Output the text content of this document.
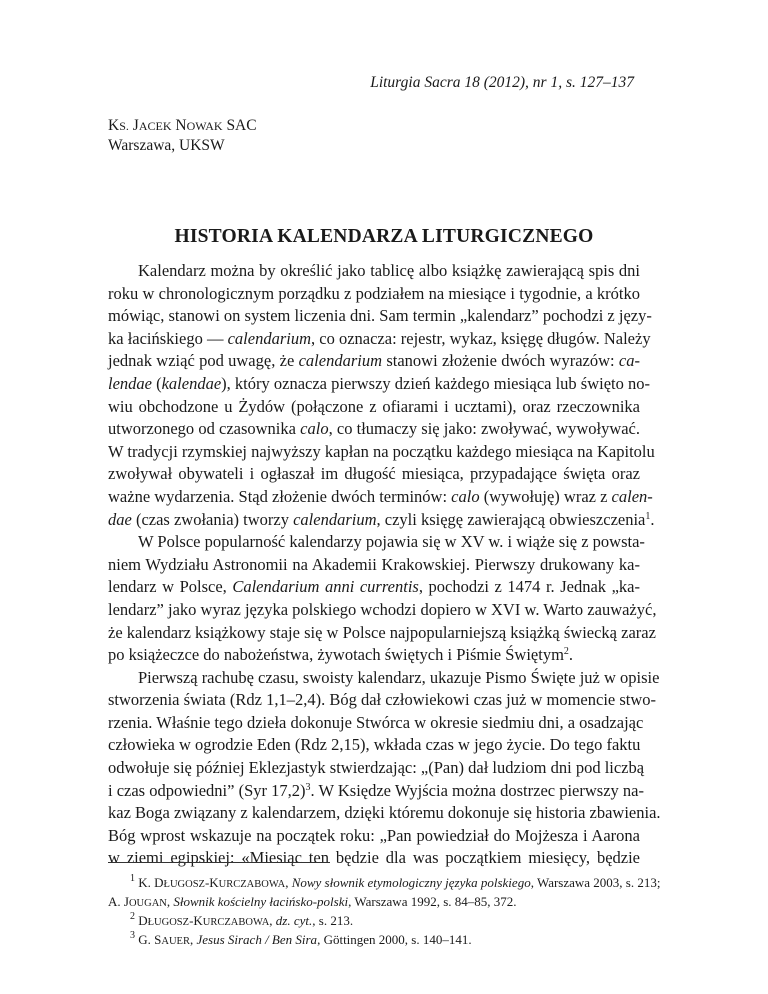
Liturgia Sacra 18 (2012), nr 1, s. 127–137
KS. JACEK NOWAK SAC
Warszawa, UKSW
HISTORIA KALENDARZA LITURGICZNEGO
Kalendarz można by określić jako tablicę albo książkę zawierającą spis dni
roku w chronologicznym porządku z podziałem na miesiące i tygodnie, a krótko
mówiąc, stanowi on system liczenia dni. Sam termin „kalendarz” pochodzi z języ-
ka łacińskiego — calendarium, co oznacza: rejestr, wykaz, księgę długów. Należy
jednak wziąć pod uwagę, że calendarium stanowi złożenie dwóch wyrazów: ca-
lendae (kalendae), który oznacza pierwszy dzień każdego miesiąca lub święto no-
wiu obchodzone u Żydów (połączone z ofiarami i ucztami), oraz rzeczownika
utworzonego od czasownika calo, co tłumaczy się jako: zwoływać, wywoływać.
W tradycji rzymskiej najwyższy kapłan na początku każdego miesiąca na Kapitolu
zwoływał obywateli i ogłaszał im długość miesiąca, przypadające święta oraz
ważne wydarzenia. Stąd złożenie dwóch terminów: calo (wywołuję) wraz z calen-
dae (czas zwołania) tworzy calendarium, czyli księgę zawierającą obwieszczenia$^1$.
W Polsce popularność kalendarzy pojawia się w XV w. i wiąże się z powsta-
niem Wydziału Astronomii na Akademii Krakowskiej. Pierwszy drukowany ka-
lendarz w Polsce, Calendarium anni currentis, pochodzi z 1474 r. Jednak „ka-
lendarz” jako wyraz języka polskiego wchodzi dopiero w XVI w. Warto zauważyć,
że kalendarz książkowy staje się w Polsce najpopularniejszą książką świecką zaraz
po książeczce do nabożeństwa, żywotach świętych i Piśmie Świętym$^2$.
Pierwszą rachubę czasu, swoisty kalendarz, ukazuje Pismo Święte już w opisie
stworzenia świata (Rdz 1,1–2,4). Bóg dał człowiekowi czas już w momencie stwo-
rzenia. Właśnie tego dzieła dokonuje Stwórca w okresie siedmiu dni, a osadzając
człowieka w ogrodzie Eden (Rdz 2,15), wkłada czas w jego życie. Do tego faktu
odwołuje się później Eklezjastyk stwierdzając: „(Pan) dał ludziom dni pod liczbą
i czas odpowiedni” (Syr 17,2)$^3$. W Księdze Wyjścia można dostrzec pierwszy na-
kaz Boga związany z kalendarzem, dzięki któremu dokonuje się historia zbawienia.
Bóg wprost wskazuje na początek roku: „Pan powiedział do Mojżesza i Aarona
w ziemi egipskiej: «Miesiąc ten będzie dla was początkiem miesięcy, będzie
$^1$ K. DŁUGOSZ-KURCZABOWA, Nowy słownik etymologiczny języka polskiego, Warszawa 2003, s. 213;
A. JOUGAN, Słownik kościelny łacińsko-polski, Warszawa 1992, s. 84–85, 372.
$^2$ DŁUGOSZ-KURCZABOWA, dz. cyt., s. 213.
$^3$ G. SAUER, Jesus Sirach / Ben Sira, Göttingen 2000, s. 140–141.
